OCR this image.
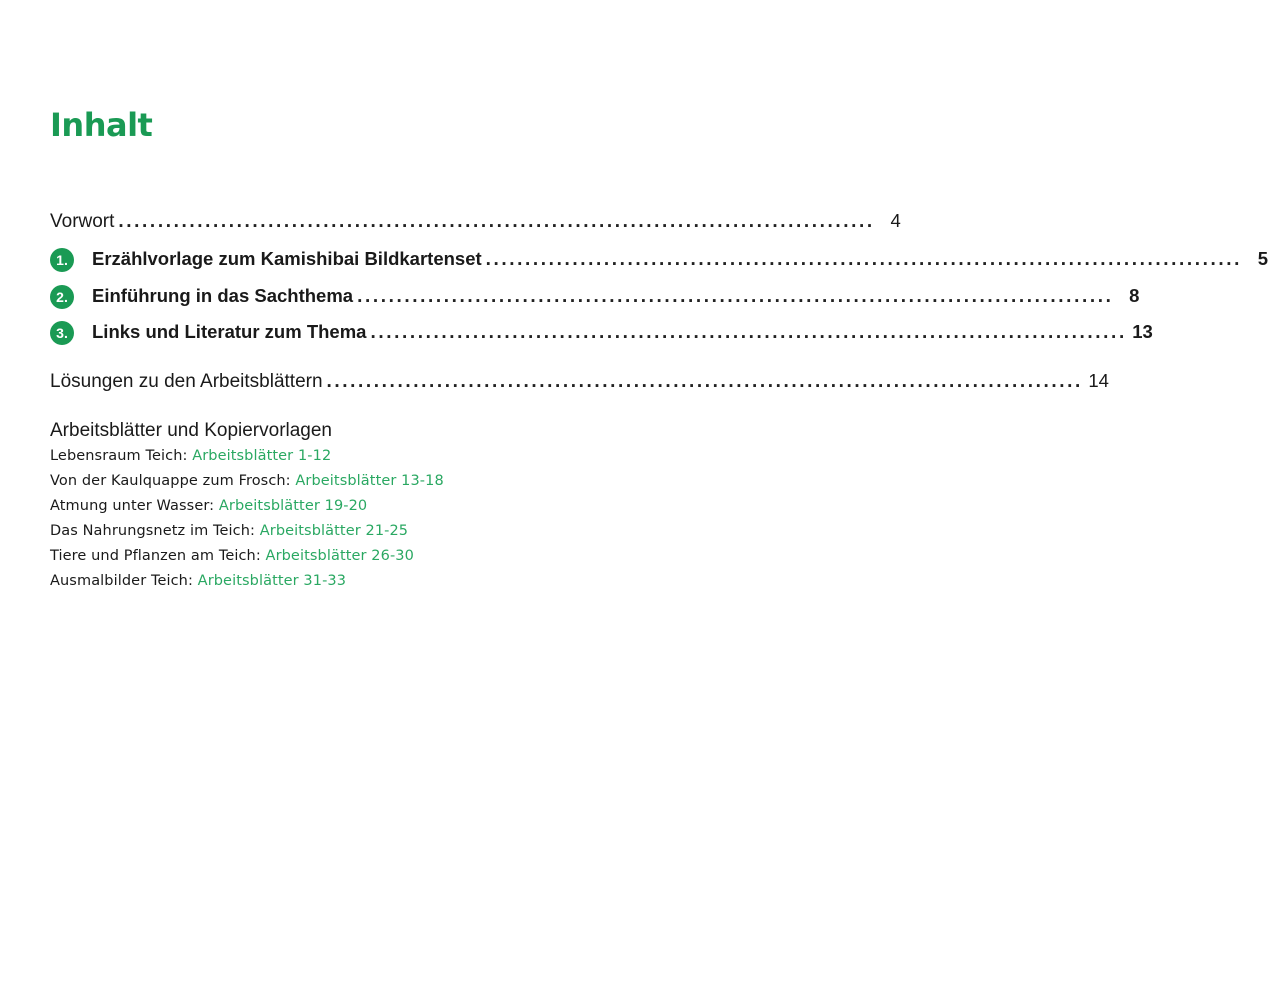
Inhalt
Vorwort ................................................................................................ 4
1.	Erzählvorlage zum Kamishibai Bildkartenset ................................................................................................ 5
2.	Einführung in das Sachthema ................................................................................................ 8
3.	Links und Literatur zum Thema ................................................................................................ 13
Lösungen zu den Arbeitsblättern ................................................................................................ 14
Arbeitsblätter und Kopiervorlagen
Lebensraum Teich: Arbeitsblätter 1-12
Von der Kaulquappe zum Frosch: Arbeitsblätter 13-18
Atmung unter Wasser: Arbeitsblätter 19-20
Das Nahrungsnetz im Teich: Arbeitsblätter 21-25
Tiere und Pflanzen am Teich: Arbeitsblätter 26-30
Ausmalbilder Teich: Arbeitsblätter 31-33
